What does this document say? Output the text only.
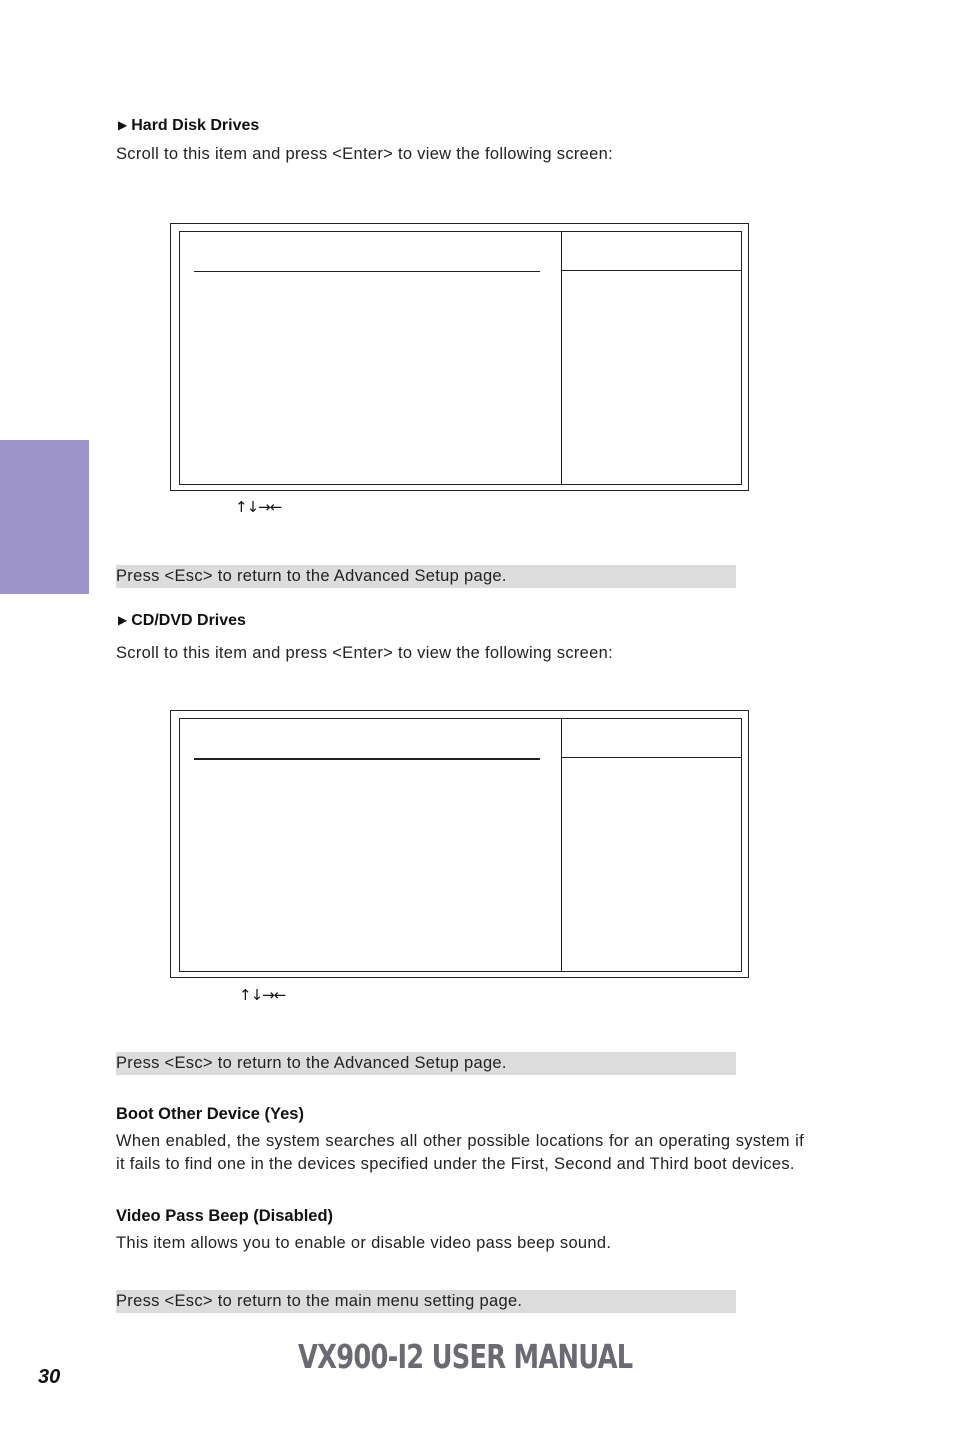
▶ Hard Disk Drives
Scroll to this item and press <Enter> to view the following screen:
↑↓→←
Press <Esc> to return to the Advanced Setup page.
▶ CD/DVD Drives
Scroll to this item and press <Enter> to view the following screen:
↑↓→←
Press <Esc> to return to the Advanced Setup page.
Boot Other Device (Yes)
When enabled, the system searches all other possible locations for an operating system if it fails to find one in the devices specified under the First, Second and Third boot devices.
Video Pass Beep (Disabled)
This item allows you to enable or disable video pass beep sound.
Press <Esc> to return to the main menu setting page.
30
VX900-I2 USER MANUAL
